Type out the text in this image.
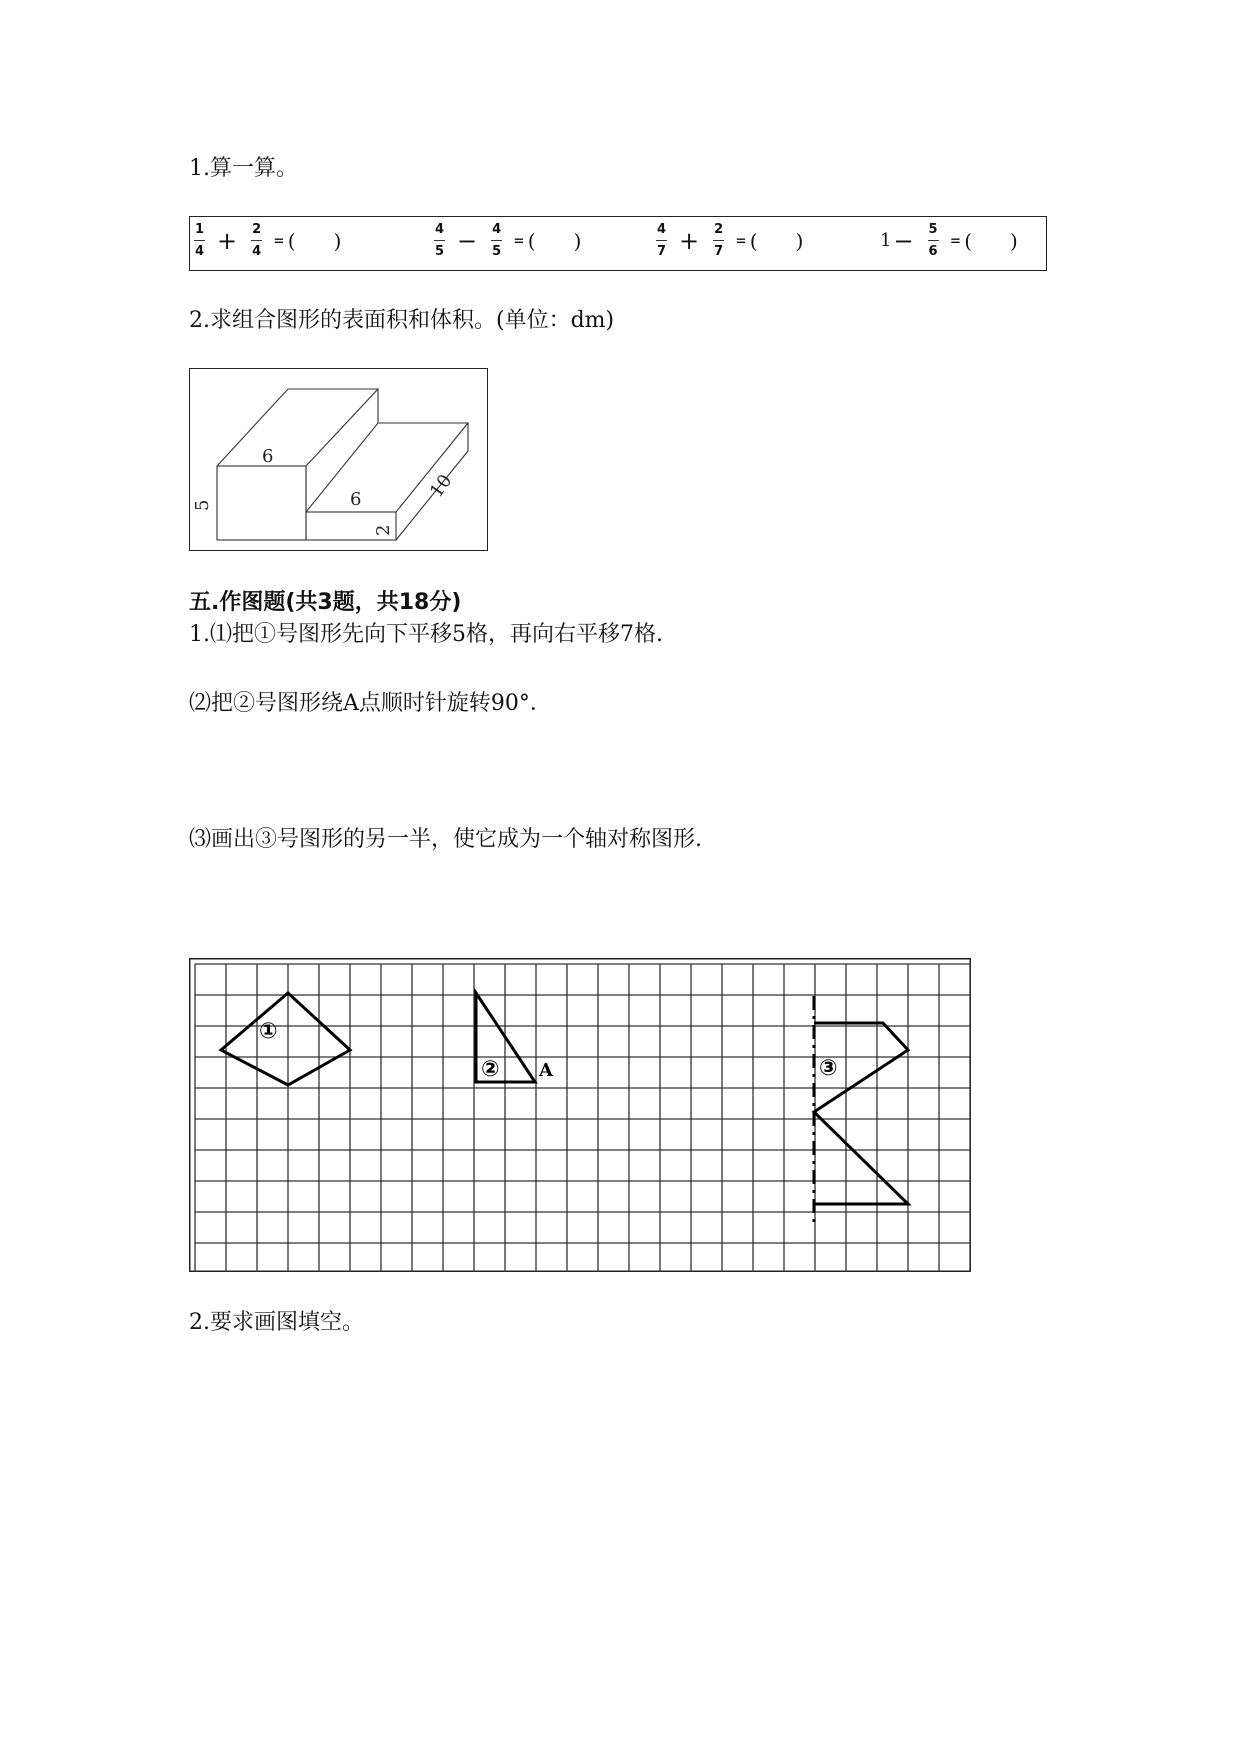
1.算一算。
$\frac{1}{4} + \frac{2}{4}$ = ( )	$\frac{4}{5} - \frac{4}{5}$ = ( )	$\frac{4}{7} + \frac{2}{7}$ = ( )	$1 - \frac{5}{6}$ = ( )
2.求组合图形的表面积和体积。(单位：dm)
6
5	6
2
10
五.作图题(共3题，共18分)
1.⑴把①号图形先向下平移5格，再向右平移7格.
⑵把②号图形绕A点顺时针旋转90°．
⑶画出③号图形的另一半，使它成为一个轴对称图形.
①
② A	③
2.要求画图填空。
